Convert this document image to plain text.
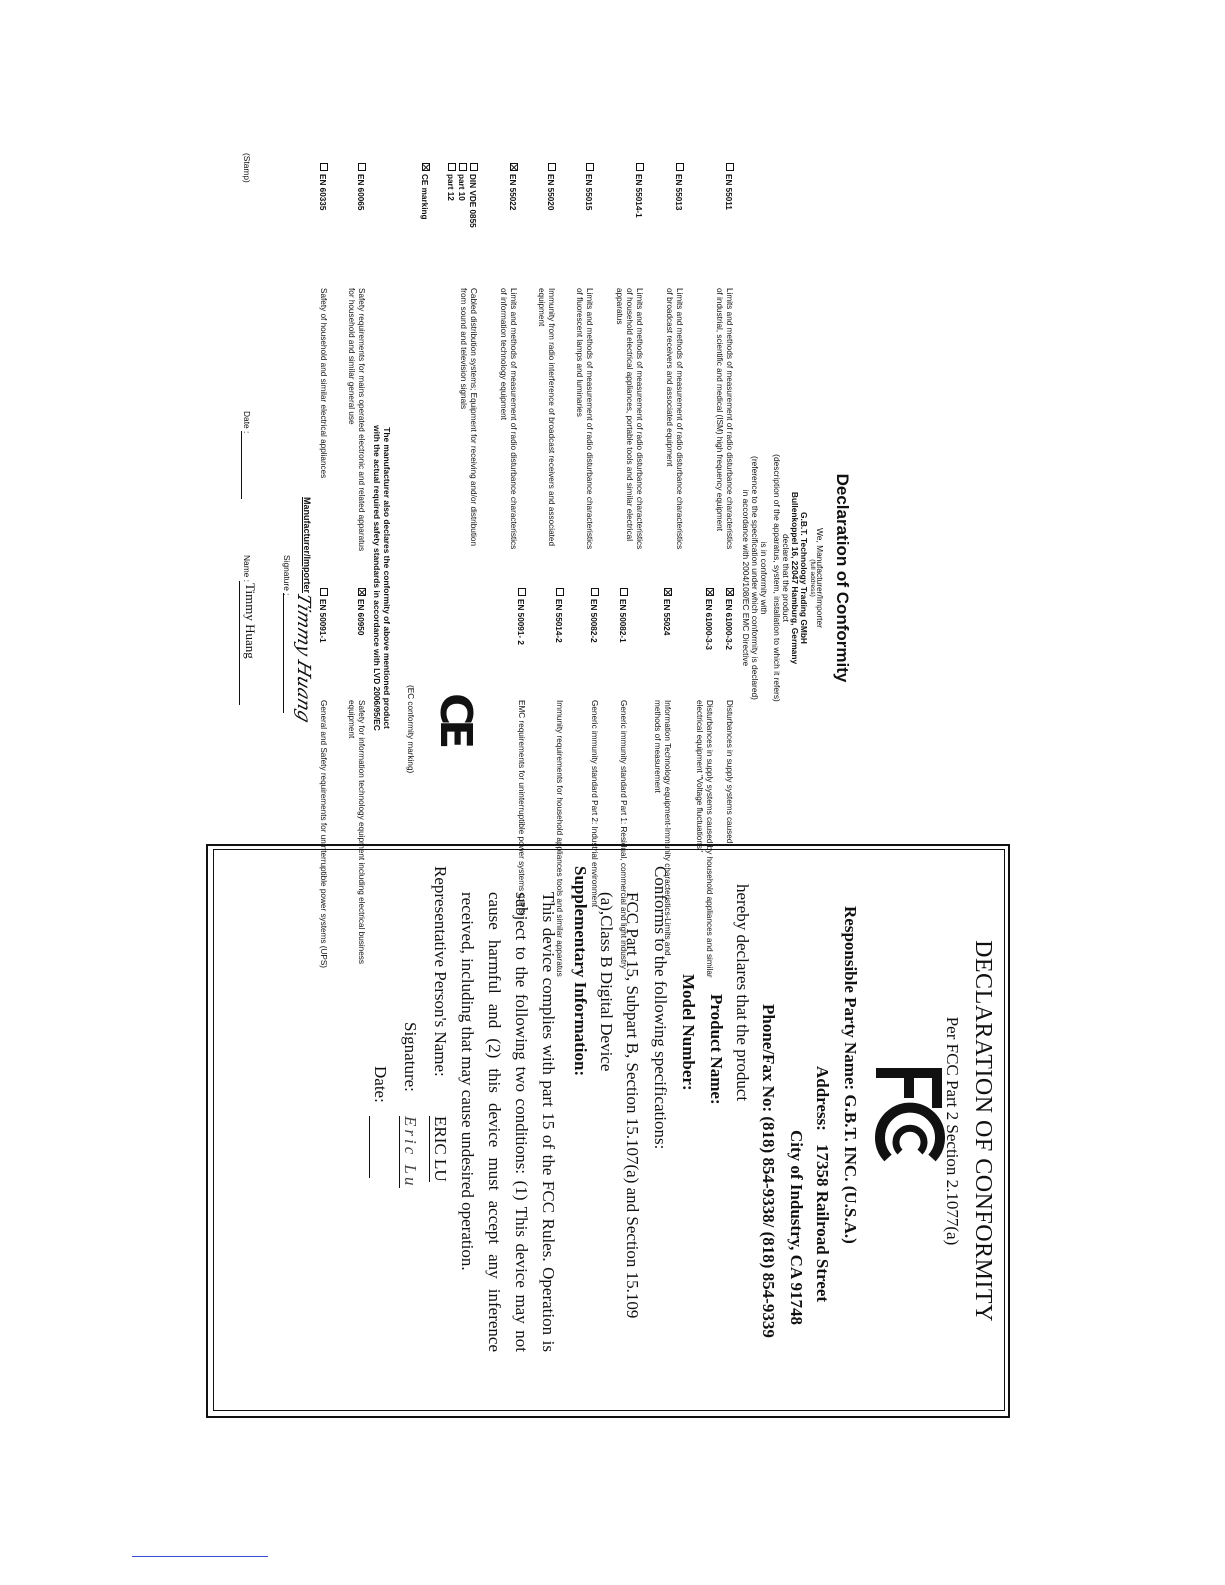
Declaration of Conformity
We, Manufacturer/Importer
(full address)
G.B.T. Technology Trading GMbH
Bullenkoppel 16, 22047 Hamburg, Germany
declare that the product
(description of the apparatus, system, installation to which it refers)
is in conformity with
(reference to the specification under which conformity is declared)
in accordance with 2004/108/EC EMC Directive
EN 55011
Limits and methods of measurement of radio disturbance characteristics of industrial, scientific and medical (ISM) high frequency equipment
EN 55013
Limits and methods of measurement of radio disturbance characteristics of broadcast receivers and associated equipment
EN 55014-1
Limits and methods of measurement of radio disturbance characteristics of household electrical appliances, portable tools and similar electrical apparatus
EN 55015
Limits and methods of measurement of radio disturbance characteristics of fluorescent lamps and luminaries
EN 55020
Immunity from radio interference of broadcast receivers and associated equipment
EN 55022
Limits and methods of measurement of radio disturbance characteristics of information technology equipment
DIN VDE 0855
part 10
part 12
Cabled distribution systems; Equipment for receiving and/or distribution from sound and television signals
CE marking
EN 61000-3-2
Disturbances in supply systems caused
EN 61000-3-3
Disturbances in supply systems caused by household appliances and similar electrical equipment "Voltage fluctuations"
EN 55024
Information Technology equipment-Immunity characteristics-Limits and methods of measurement
EN 50082-1
Generic immunity standard Part 1: Residual, commercial and light industry
EN 50082-2
Generic immunity standard Part 2: Industrial environment
EN 55014-2
Immunity requirements for household appliances tools and similar apparatus
EN 50091- 2
EMC requirements for uninterruptible power systems (UPS)
CE
(EC conformity marking)
The manufacturer also declares the conformity of above mentioned product
with the actual required safety standards in accordance with LVD 2006/95/EC
EN 60065
Safety requirements for mains operated electronic and related apparatus for household and similar general use
EN 60335
Safety of household and similar electrical appliances
EN 60950
Safety for information technology equipment including electrical business equipment
EN 50091-1
General and Safety requirements for uninterruptible power systems (UPS)
Manufacturer/Importer
Signature :
Timmy Huang
(Stamp)
Date :
Name :
Timmy Huang
DECLARATION OF CONFORMITY
Per FCC Part 2 Section 2.1077(a)
Responsible Party Name: G.B.T. INC. (U.S.A.)
Address:
17358 Railroad Street
City of Industry, CA 91748
Phone/Fax No: (818) 854-9338/ (818) 854-9339
hereby declares that the product
Product Name:
Model Number:
Conforms to the following specifications:
FCC Part 15, Subpart B, Section 15.107(a) and Section 15.109
(a),Class B Digital Device
Supplementary Information:
This device complies with part 15 of the FCC Rules. Operation is subject to the following two conditions: (1) This device may not cause harmful and (2) this device must accept any inference received, including that may cause undesired operation.
Representative Person's Name:
ERIC LU
Signature:
Eric Lu
Date:
